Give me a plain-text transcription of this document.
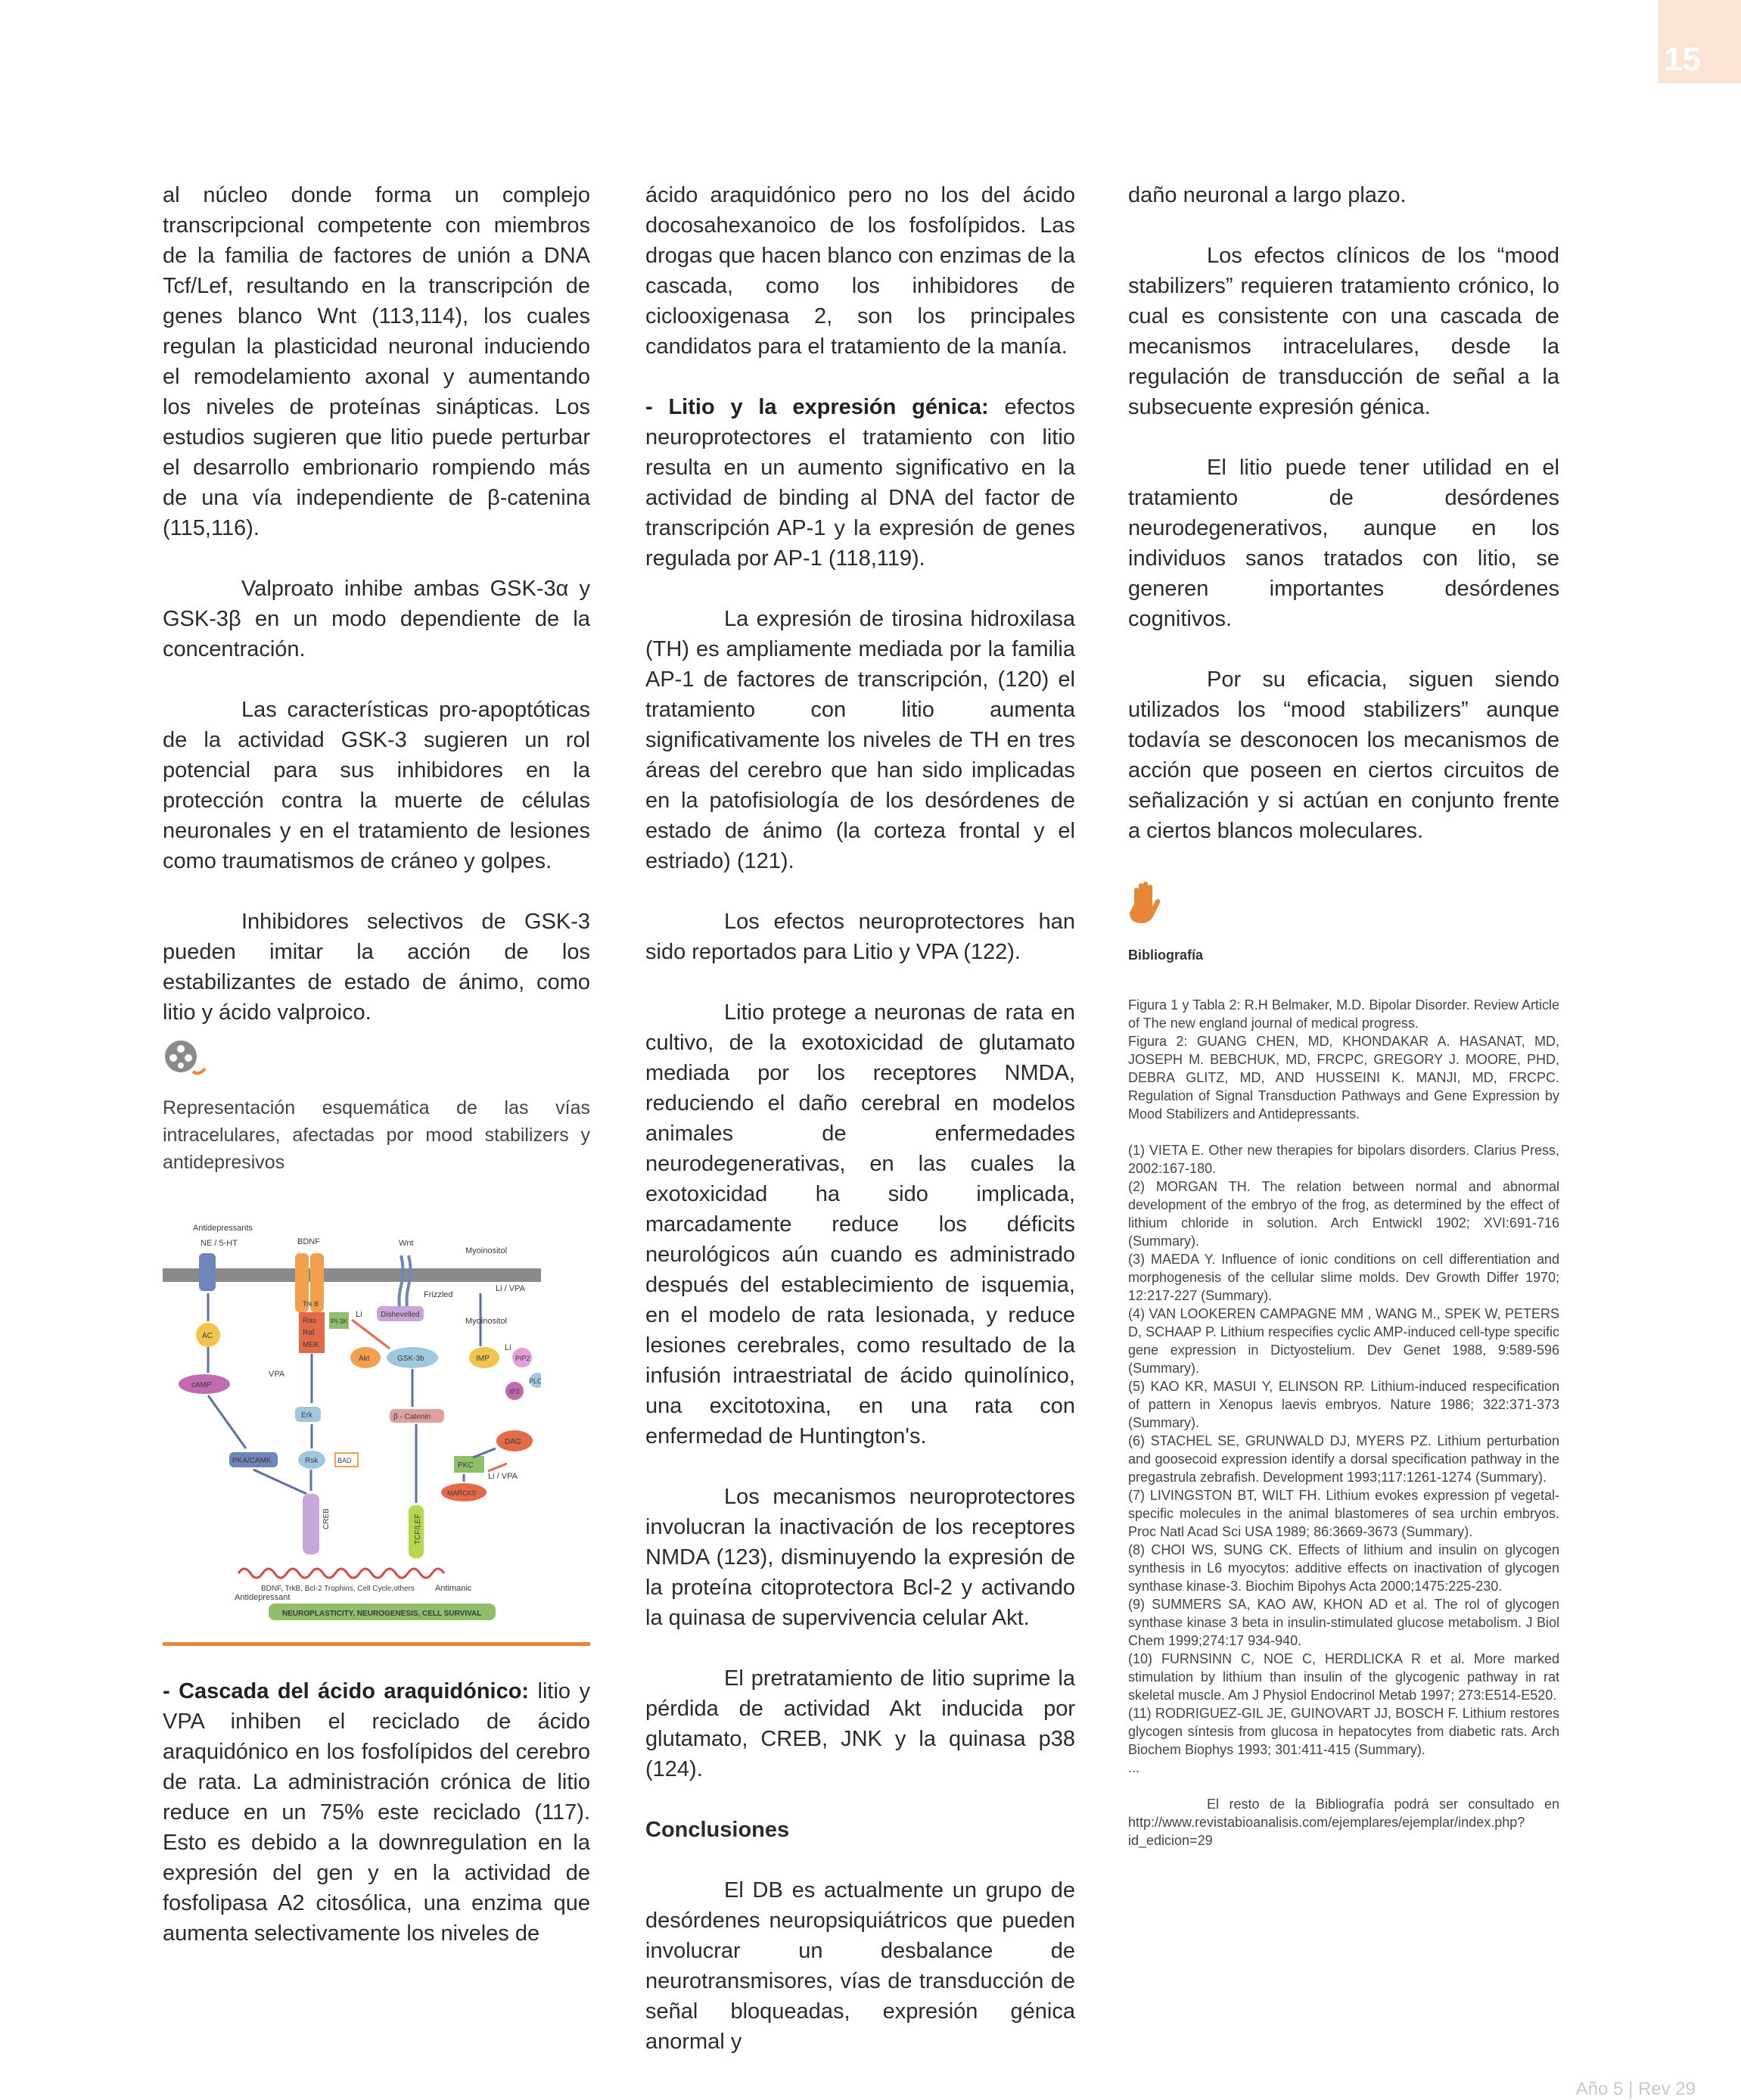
15

al núcleo donde forma un complejo transcripcional competente con miembros de la familia de factores de unión a DNA Tcf/Lef, resultando en la transcripción de genes blanco Wnt (113,114), los cuales regulan la plasticidad neuronal induciendo el remodelamiento axonal y aumentando los niveles de proteínas sinápticas. Los estudios sugieren que litio puede perturbar el desarrollo embrionario rompiendo más de una vía independiente de β-catenina (115,116).

Valproato inhibe ambas GSK-3α y GSK-3β en un modo dependiente de la concentración.

Las características pro-apoptóticas de la actividad GSK-3 sugieren un rol potencial para sus inhibidores en la protección contra la muerte de células neuronales y en el tratamiento de lesiones como traumatismos de cráneo y golpes.

Inhibidores selectivos de GSK-3 pueden imitar la acción de los estabilizantes de estado de ánimo, como litio y ácido valproico.

Representación esquemática de las vías intracelulares, afectadas por mood stabilizers y antidepresivos
Antidepressants
NE / 5-HT	BDNF	Wnt
Myoinositol
Trk B
Frizzled
Li / VPA
AC
Ras
Raf
MEK
PI-3K
Li Dishevelled
Myoinositol
cAMP
VPA
Akt	GSK-3b	IMP
Li
PIP2
PLC
Erk	β - Catenin
IP3
PKA/CAMK	Rsk	BAD
DAG
PKC
Li / VPA
MARCKS
CREB	TCF/LEF
BDNF, TrkB, Bcl-2 Trophins, Cell Cycle,others
Antidepressant
Antimanic
NEUROPLASTICITY, NEUROGENESIS, CELL SURVIVAL

- Cascada del ácido araquidónico: litio y VPA inhiben el reciclado de ácido araquidónico en los fosfolípidos del cerebro de rata. La administración crónica de litio reduce en un 75% este reciclado (117). Esto es debido a la downregulation en la expresión del gen y en la actividad de fosfolipasa A2 citosólica, una enzima que aumenta selectivamente los niveles de

ácido araquidónico pero no los del ácido docosahexanoico de los fosfolípidos. Las drogas que hacen blanco con enzimas de la cascada, como los inhibidores de ciclooxigenasa 2, son los principales candidatos para el tratamiento de la manía.

- Litio y la expresión génica: efectos neuroprotectores el tratamiento con litio resulta en un aumento significativo en la actividad de binding al DNA del factor de transcripción AP-1 y la expresión de genes regulada por AP-1 (118,119).

La expresión de tirosina hidroxilasa (TH) es ampliamente mediada por la familia AP-1 de factores de transcripción, (120) el tratamiento con litio aumenta significativamente los niveles de TH en tres áreas del cerebro que han sido implicadas en la patofisiología de los desórdenes de estado de ánimo (la corteza frontal y el estriado) (121).

Los efectos neuroprotectores han sido reportados para Litio y VPA (122).

Litio protege a neuronas de rata en cultivo, de la exotoxicidad de glutamato mediada por los receptores NMDA, reduciendo el daño cerebral en modelos animales de enfermedades neurodegenerativas, en las cuales la exotoxicidad ha sido implicada, marcadamente reduce los déficits neurológicos aún cuando es administrado después del establecimiento de isquemia, en el modelo de rata lesionada, y reduce lesiones cerebrales, como resultado de la infusión intraestriatal de ácido quinolínico, una excitotoxina, en una rata con enfermedad de Huntington's.

Los mecanismos neuroprotectores involucran la inactivación de los receptores NMDA (123), disminuyendo la expresión de la proteína citoprotectora Bcl-2 y activando la quinasa de supervivencia celular Akt.

El pretratamiento de litio suprime la pérdida de actividad Akt inducida por glutamato, CREB, JNK y la quinasa p38 (124).

Conclusiones

El DB es actualmente un grupo de desórdenes neuropsiquiátricos que pueden involucrar un desbalance de neurotransmisores, vías de transducción de señal bloqueadas, expresión génica anormal y

daño neuronal a largo plazo.

Los efectos clínicos de los “mood stabilizers” requieren tratamiento crónico, lo cual es consistente con una cascada de mecanismos intracelulares, desde la regulación de transducción de señal a la subsecuente expresión génica.

El litio puede tener utilidad en el tratamiento de desórdenes neurodegenerativos, aunque en los individuos sanos tratados con litio, se generen importantes desórdenes cognitivos.

Por su eficacia, siguen siendo utilizados los “mood stabilizers” aunque todavía se desconocen los mecanismos de acción que poseen en ciertos circuitos de señalización y si actúan en conjunto frente a ciertos blancos moleculares.

Bibliografía

Figura 1 y Tabla 2: R.H Belmaker, M.D. Bipolar Disorder. Review Article of The new england journal of medical progress.

Figura 2: GUANG CHEN, MD, KHONDAKAR A. HASANAT, MD, JOSEPH M. BEBCHUK, MD, FRCPC, GREGORY J. MOORE, PHD, DEBRA GLITZ, MD, AND HUSSEINI K. MANJI, MD, FRCPC. Regulation of Signal Transduction Pathways and Gene Expression by Mood Stabilizers and Antidepressants.

(1) VIETA E. Other new therapies for bipolars disorders. Clarius Press, 2002:167-180.

(2) MORGAN TH. The relation between normal and abnormal development of the embryo of the frog, as determined by the effect of lithium chloride in solution. Arch Entwickl 1902; XVI:691-716 (Summary).

(3) MAEDA Y. Influence of ionic conditions on cell differentiation and morphogenesis of the cellular slime molds. Dev Growth Differ 1970; 12:217-227 (Summary).

(4) VAN LOOKEREN CAMPAGNE MM , WANG M., SPEK W, PETERS D, SCHAAP P. Lithium respecifies cyclic AMP-induced cell-type specific gene expression in Dictyostelium. Dev Genet 1988, 9:589-596 (Summary).

(5) KAO KR, MASUI Y, ELINSON RP. Lithium-induced respecification of pattern in Xenopus laevis embryos. Nature 1986; 322:371-373 (Summary).

(6) STACHEL SE, GRUNWALD DJ, MYERS PZ. Lithium perturbation and goosecoid expression identify a dorsal specification pathway in the pregastrula zebrafish. Development 1993;117:1261-1274 (Summary).

(7) LIVINGSTON BT, WILT FH. Lithium evokes expression pf vegetal-specific molecules in the animal blastomeres of sea urchin embryos. Proc Natl Acad Sci USA 1989; 86:3669-3673 (Summary).

(8) CHOI WS, SUNG CK. Effects of lithium and insulin on glycogen synthesis in L6 myocytos: additive effects on inactivation of glycogen synthase kinase-3. Biochim Bipohys Acta 2000;1475:225-230.

(9) SUMMERS SA, KAO AW, KHON AD et al. The rol of glycogen synthase kinase 3 beta in insulin-stimulated glucose metabolism. J Biol Chem 1999;274:17 934-940.

(10) FURNSINN C, NOE C, HERDLICKA R et al. More marked stimulation by lithium than insulin of the glycogenic pathway in rat skeletal muscle. Am J Physiol Endocrinol Metab 1997; 273:E514-E520.

(11) RODRIGUEZ-GIL JE, GUINOVART JJ, BOSCH F. Lithium restores glycogen síntesis from glucosa in hepatocytes from diabetic rats. Arch Biochem Biophys 1993; 301:411-415 (Summary).

...

El resto de la Bibliografía podrá ser consultado en http://www.revistabioanalisis.com/ejemplares/ejemplar/index.php?id_edicion=29

Año 5 | Rev 29
